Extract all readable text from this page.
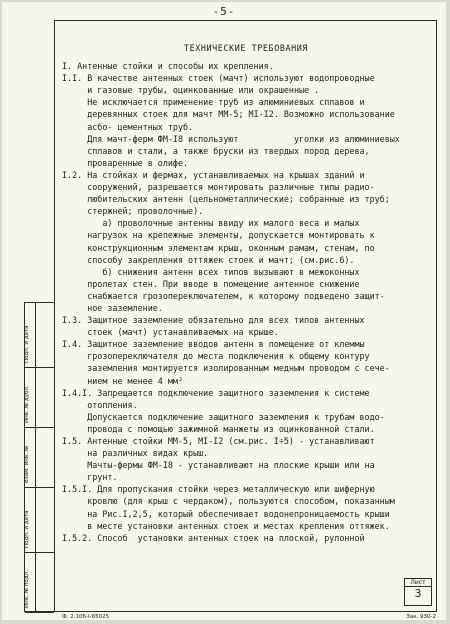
-5-
Инв. № подл.
Подп. и дата
Взам. инв. №
Инв. № дубл.
Подп. и дата

ТЕХНИЧЕСКИЕ ТРЕБОВАНИЯ

I. Антенные стойки и способы их крепления.

I.I. В качестве антенных стоек (мачт) используют водопроводные

и газовые трубы, оцинкованные или окрашенные .

Не исключается применение труб из алюминиевых сплавов и

деревянных стоек для мачт ММ-5; МI-I2. Возможно использование

асбо- цементных труб.

Для мачт-ферм ФМ-I8 используют           уголки из алюминиевых

сплавов и стали, а также бруски из твердых пород дерева,

проваренные в олифе.

I.2. На стойках и фермах, устанавливаемых на крышах зданий и

сооружений, разрешается монтировать различные типы радио-

любительских антенн (цельнометаллические; собранные из труб;

стержней; проволочные).

а) проволочные антенны ввиду их малого веса и малых

нагрузок на крепежные элементы, допускается монтировать к

конструкционным элементам крыш, оконным рамам, стенам, по

способу закрепления оттяжек стоек и мачт; (см.рис.6).

б) снижения антенн всех типов вызывают в межоконных

пролетах стен. При вводе в помещение антенное снижение

снабжается грозопереключателем, к которому подведено защит-

ное заземление.

I.3. Защитное заземление обязательно для всех типов антенных

стоек (мачт) устанавливаемых на крыше.

I.4. Защитное заземление вводов антенн в помещение от клеммы

грозопереключателя до места подключения к общему контуру

заземления монтируется изолированным медным проводом с сече-

нием не менее 4 мм²

I.4.I. Запрещается подключение защитного заземления к системе

отопления.

Допускается подключение защитного заземления к трубам водо-

провода с помощью зажимной манжеты из оцинкованной стали.

I.5. Антенные стойки ММ-5, МI-I2 (см.рис. I÷5) - устанавливают

на различных видах крыш.

Мачты-фермы ФМ-I8 - устанавливают на плоские крыши или на

грунт.

I.5.I. Для пропускания стойки через металлическую или шиферную

кровлю (для крыш с чердаком), пользуются способом, показанным

на Рис.I,2,5, который обеспечивает водонепроницаемость крыши

в месте установки антенных стоек и местах крепления оттяжек.

I.5.2. Способ  установки антенных стоек на плоской, рулонной

Лист
3
Ф. 2.106-I-65025	Зак. 930-2
